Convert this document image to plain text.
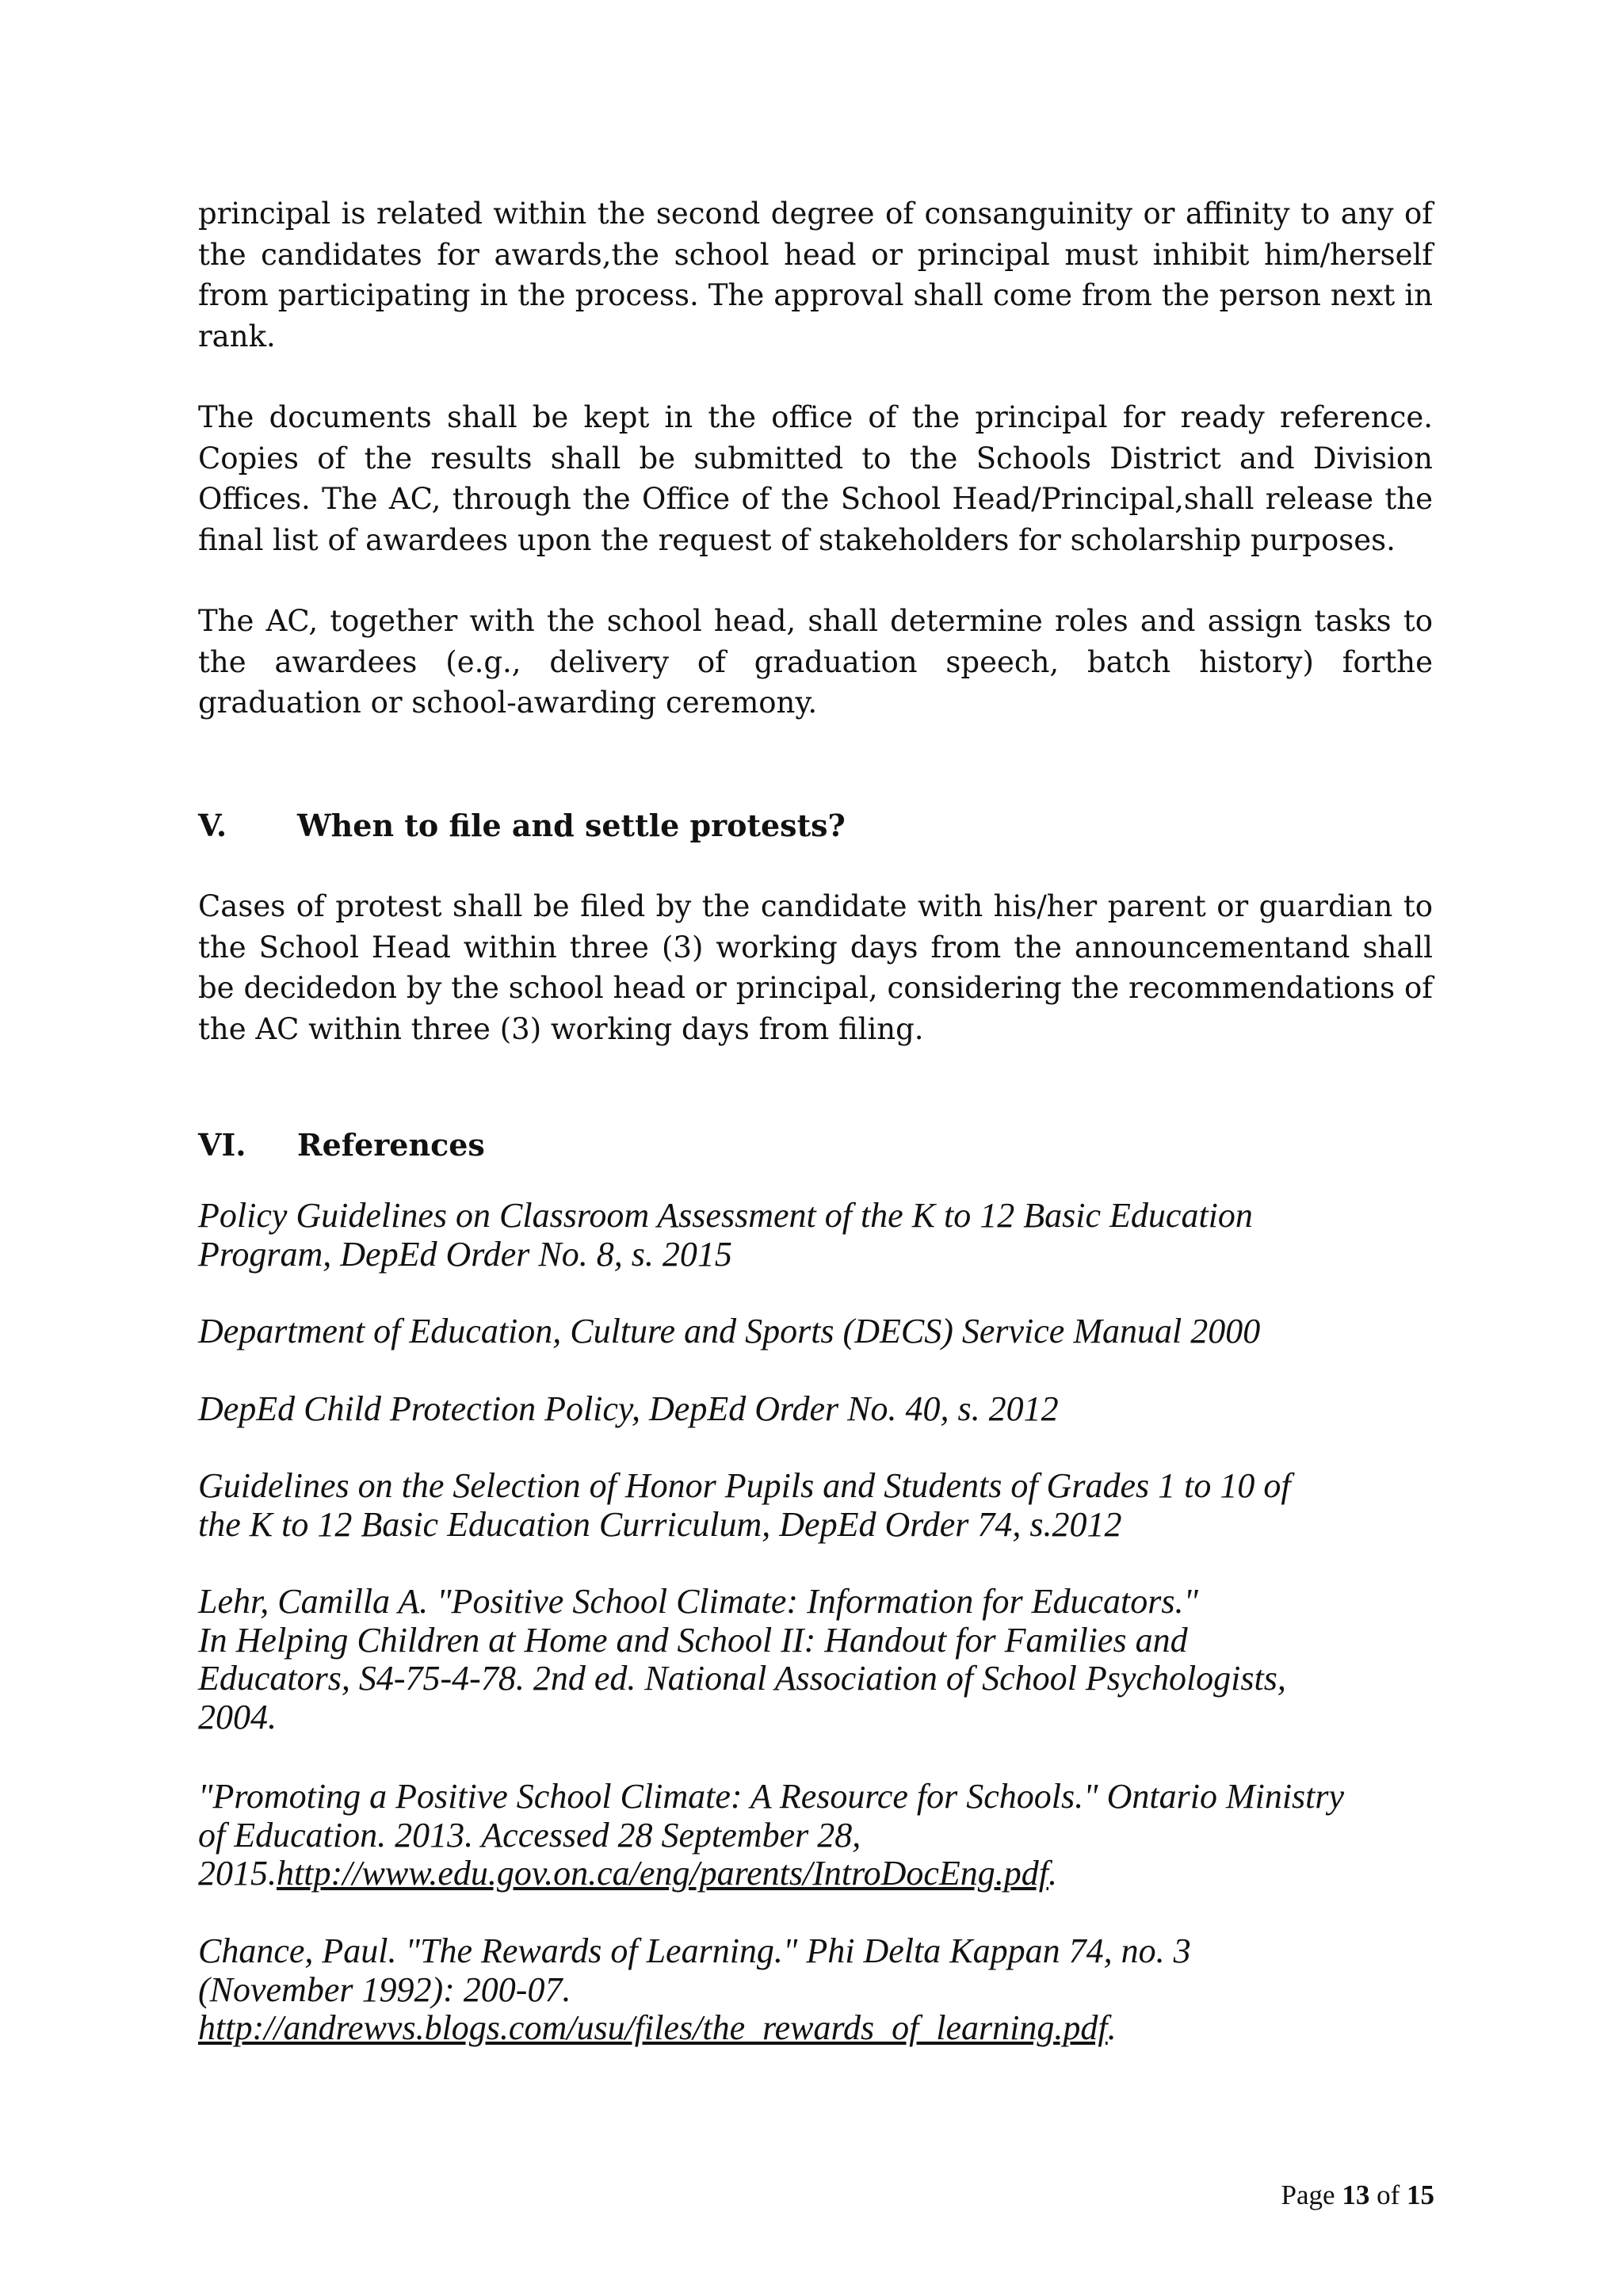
principal is related within the second degree of consanguinity or affinity to any of the candidates for awards,the school head or principal must inhibit him/herself from participating in the process. The approval shall come from the person next in rank.

The documents shall be kept in the office of the principal for ready reference. Copies of the results shall be submitted to the Schools District and Division Offices. The AC, through the Office of the School Head/Principal,shall release the final list of awardees upon the request of stakeholders for scholarship purposes.

The AC, together with the school head, shall determine roles and assign tasks to the awardees (e.g., delivery of graduation speech, batch history) forthe graduation or school-awarding ceremony.

V. When to file and settle protests?

Cases of protest shall be filed by the candidate with his/her parent or guardian to the School Head within three (3) working days from the announcementand shall be decidedon by the school head or principal, considering the recommendations of the AC within three (3) working days from filing.

VI. References
Policy Guidelines on Classroom Assessment of the K to 12 Basic Education
Program, DepEd Order No. 8, s. 2015
Department of Education, Culture and Sports (DECS) Service Manual 2000
DepEd Child Protection Policy, DepEd Order No. 40, s. 2012
Guidelines on the Selection of Honor Pupils and Students of Grades 1 to 10 of
the K to 12 Basic Education Curriculum, DepEd Order 74, s.2012
Lehr, Camilla A. "Positive School Climate: Information for Educators."
In Helping Children at Home and School II: Handout for Families and
Educators, S4-75-4-78. 2nd ed. National Association of School Psychologists,
2004.
"Promoting a Positive School Climate: A Resource for Schools." Ontario Ministry
of Education. 2013. Accessed 28 September 28,
2015.http://www.edu.gov.on.ca/eng/parents/IntroDocEng.pdf.
Chance, Paul. "The Rewards of Learning." Phi Delta Kappan 74, no. 3
(November 1992): 200-07.
http://andrewvs.blogs.com/usu/files/the_rewards_of_learning.pdf.
Page 13 of 15
